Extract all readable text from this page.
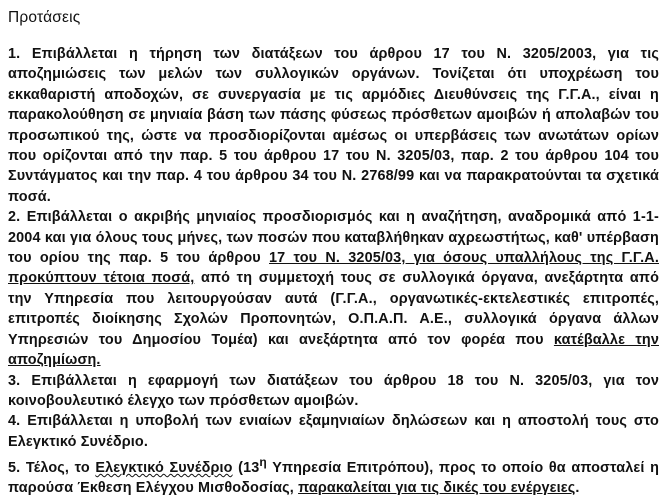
Προτάσεις

1. Επιβάλλεται η τήρηση των διατάξεων του άρθρου 17 του Ν. 3205/2003, για τις αποζημιώσεις των μελών των συλλογικών οργάνων. Τονίζεται ότι υποχρέωση του εκκαθαριστή αποδοχών, σε συνεργασία με τις αρμόδιες Διευθύνσεις της Γ.Γ.Α., είναι η παρακολούθηση σε μηνιαία βάση των πάσης φύσεως πρόσθετων αμοιβών ή απολαβών του προσωπικού της, ώστε να προσδιορίζονται αμέσως οι υπερβάσεις των ανωτάτων ορίων που ορίζονται από την παρ. 5 του άρθρου 17 του Ν. 3205/03, παρ. 2 του άρθρου 104 του Συντάγματος και την παρ. 4 του άρθρου 34 του Ν. 2768/99 και να παρακρατούνται τα σχετικά ποσά.

2. Επιβάλλεται ο ακριβής μηνιαίος προσδιορισμός και η αναζήτηση, αναδρομικά από 1-1-2004 και για όλους τους μήνες, των ποσών που καταβλήθηκαν αχρεωστήτως, καθ' υπέρβαση του ορίου της παρ. 5 του άρθρου 17 του Ν. 3205/03, για όσους υπαλλήλους της Γ.Γ.Α. προκύπτουν τέτοια ποσά, από τη συμμετοχή τους σε συλλογικά όργανα, ανεξάρτητα από την Υπηρεσία που λειτουργούσαν αυτά (Γ.Γ.Α., οργανωτικές-εκτελεστικές επιτροπές, επιτροπές διοίκησης Σχολών Προπονητών, Ο.Π.Α.Π. Α.Ε., συλλογικά όργανα άλλων Υπηρεσιών του Δημοσίου Τομέα) και ανεξάρτητα από τον φορέα που κατέβαλλε την αποζημίωση.

3. Επιβάλλεται η εφαρμογή των διατάξεων του άρθρου 18 του Ν. 3205/03, για τον κοινοβουλευτικό έλεγχο των πρόσθετων αμοιβών.

4. Επιβάλλεται η υποβολή των ενιαίων εξαμηνιαίων δηλώσεων και η αποστολή τους στο Ελεγκτικό Συνέδριο.

5. Τέλος, το Ελεγκτικό Συνέδριο ($13^\eta$ Υπηρεσία Επιτρόπου), προς το οποίο θα αποσταλεί η παρούσα Έκθεση Ελέγχου Μισθοδοσίας, παρακαλείται για τις δικές του ενέργειες.
